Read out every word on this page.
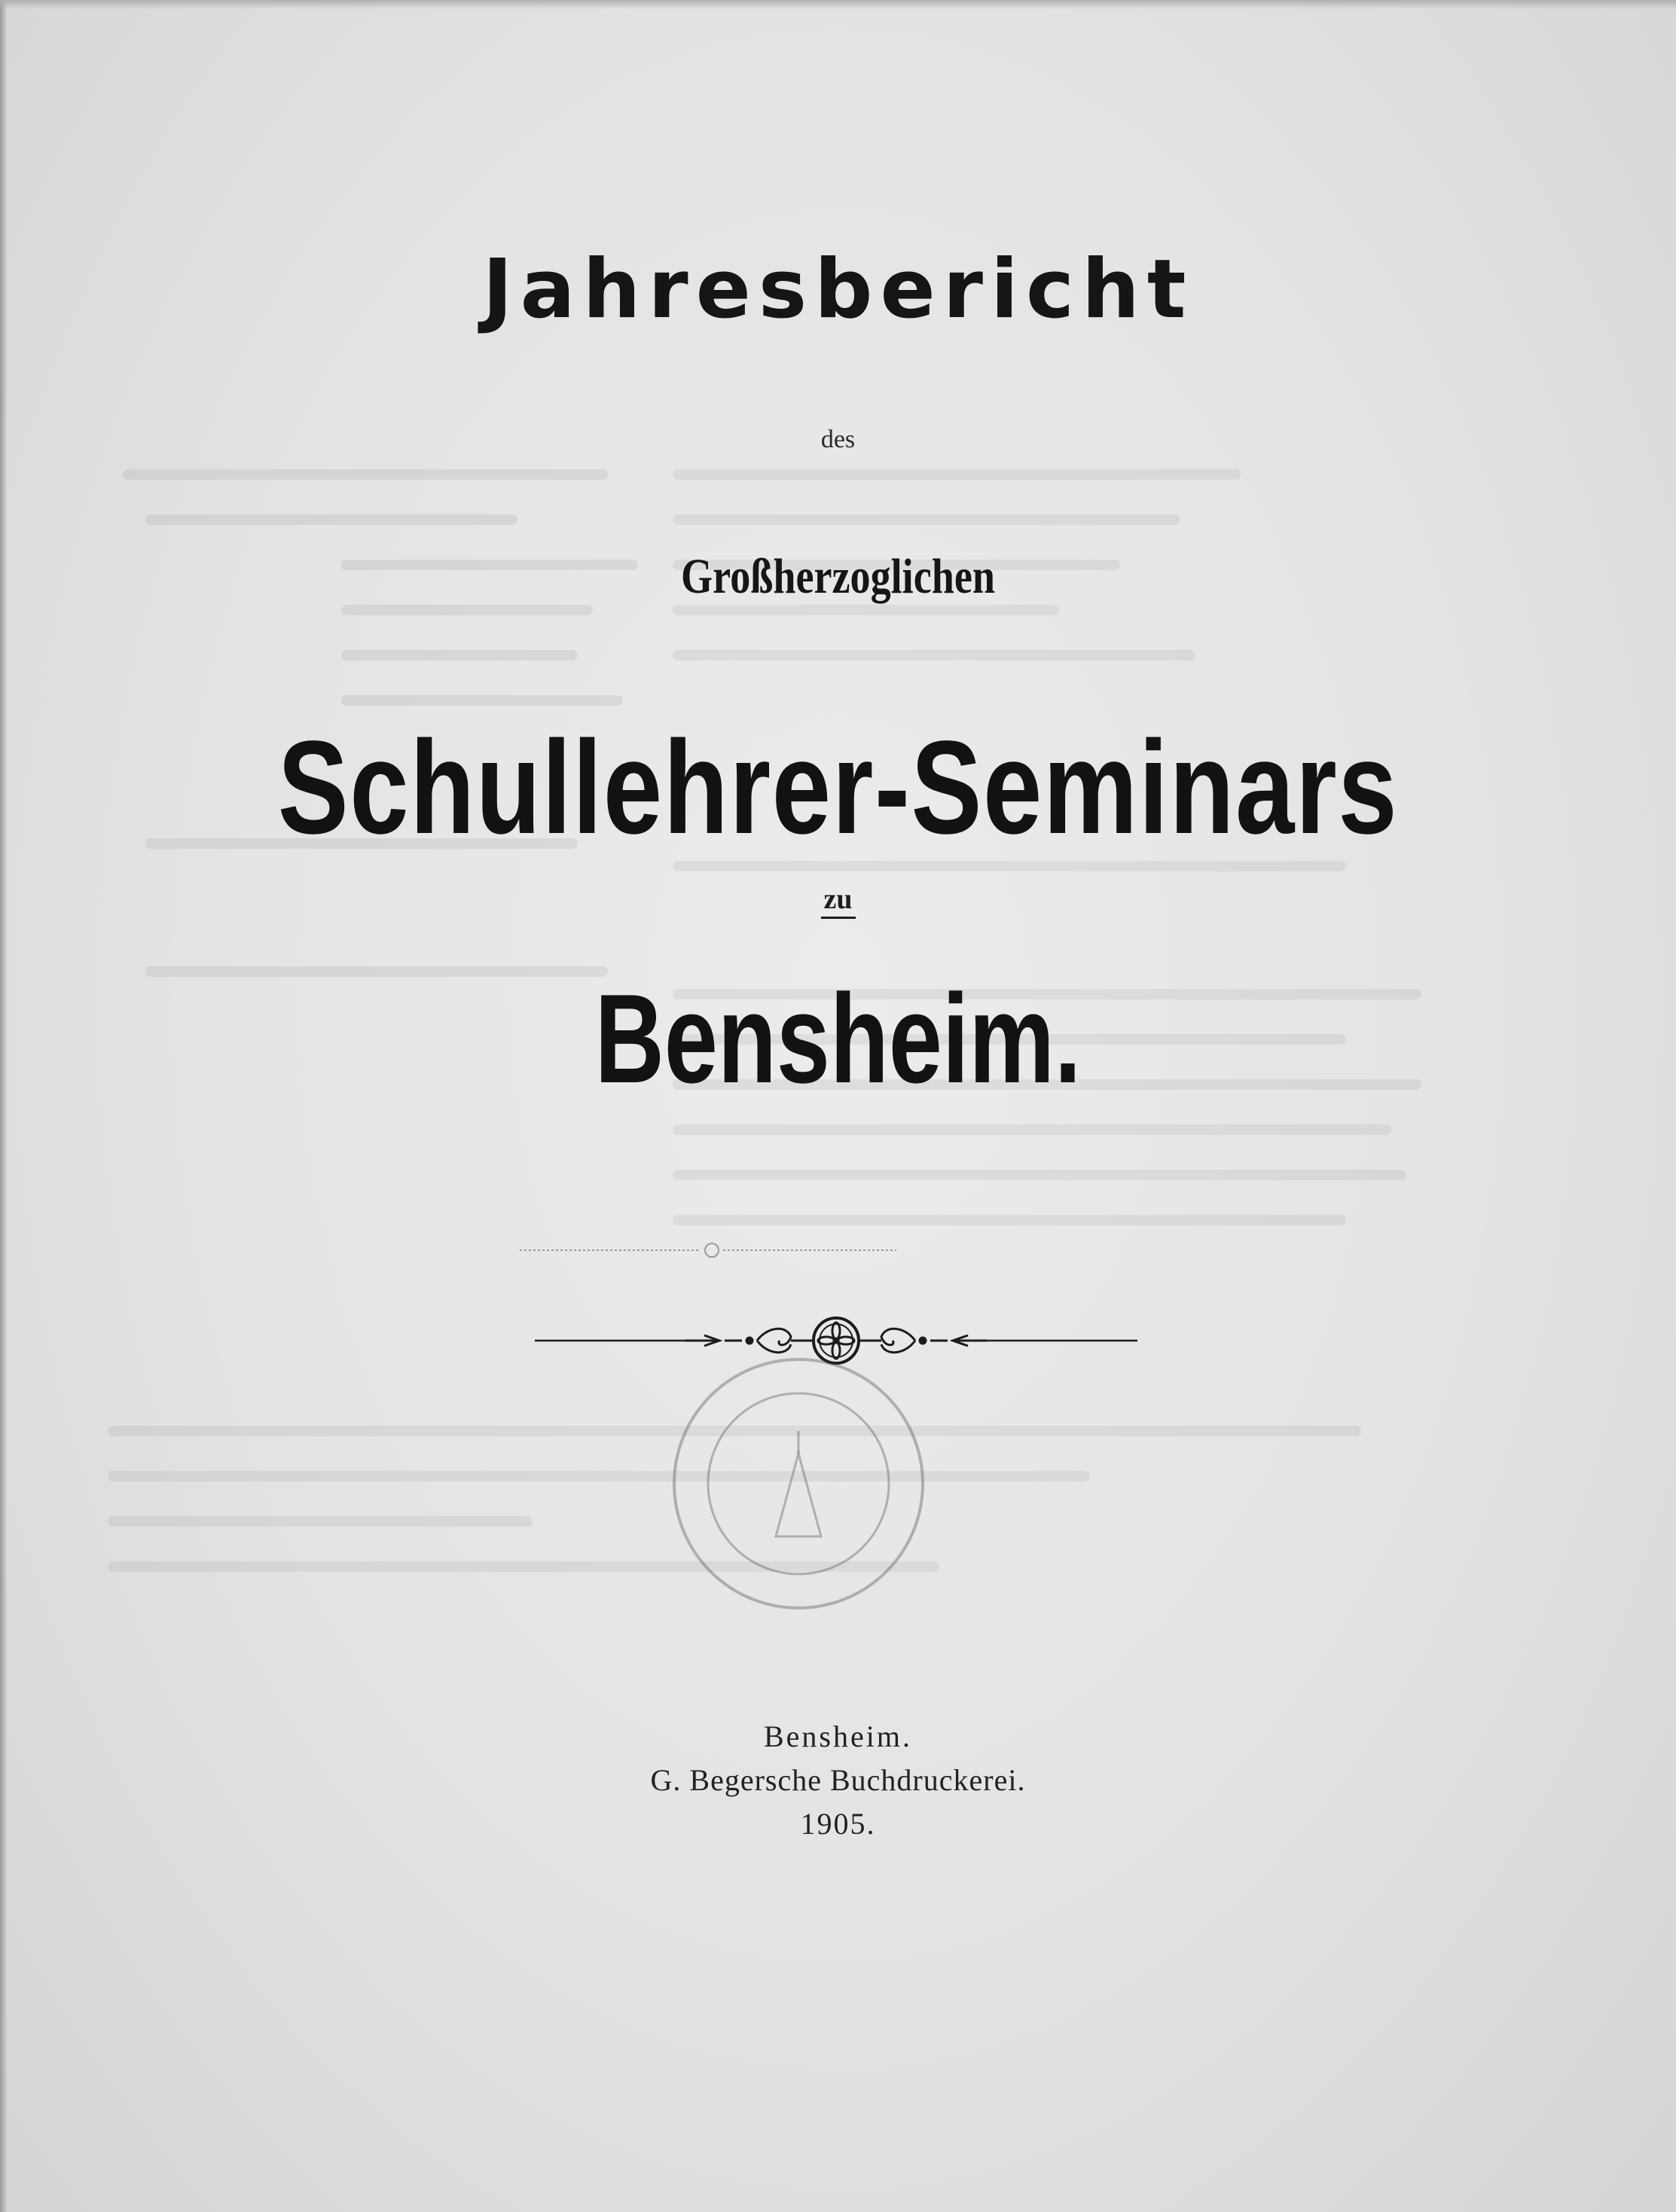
Jahresbericht
des
Großherzoglichen
Schullehrer-Seminars
zu
Bensheim.
Bensheim.
G. Begersche Buchdruckerei.
1905.
